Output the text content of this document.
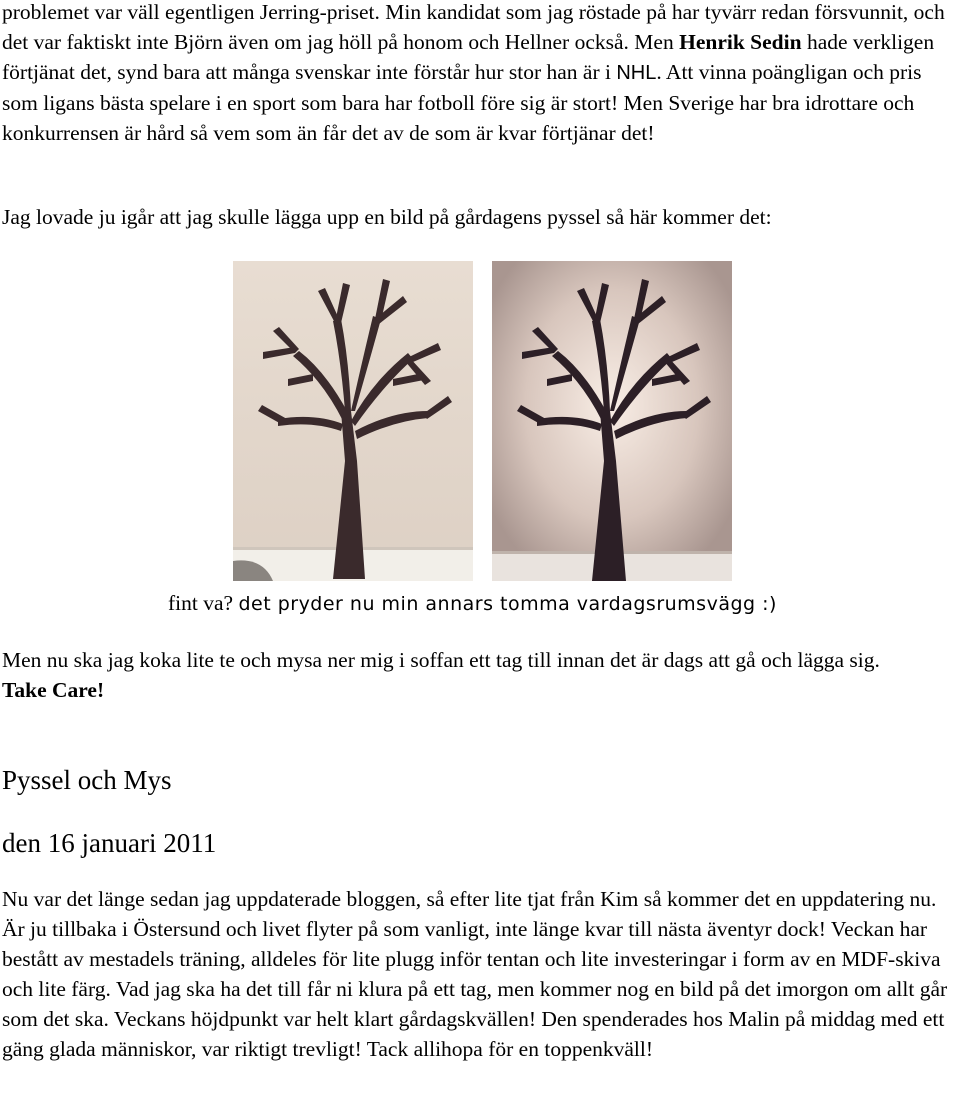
problemet var väll egentligen Jerring-priset. Min kandidat som jag röstade på har tyvärr redan försvunnit, och det var faktiskt inte Björn även om jag höll på honom och Hellner också. Men Henrik Sedin hade verkligen förtjänat det, synd bara att många svenskar inte förstår hur stor han är i NHL. Att vinna poängligan och pris som ligans bästa spelare i en sport som bara har fotboll före sig är stort! Men Sverige har bra idrottare och konkurrensen är hård så vem som än får det av de som är kvar förtjänar det!

Jag lovade ju igår att jag skulle lägga upp en bild på gårdagens pyssel så här kommer det:

fint va? det pryder nu min annars tomma vardagsrumsvägg :)

Men nu ska jag koka lite te och mysa ner mig i soffan ett tag till innan det är dags att gå och lägga sig.
Take Care!

Pyssel och Mys
den 16 januari 2011

Nu var det länge sedan jag uppdaterade bloggen, så efter lite tjat från Kim så kommer det en uppdatering nu. Är ju tillbaka i Östersund och livet flyter på som vanligt, inte länge kvar till nästa äventyr dock! Veckan har bestått av mestadels träning, alldeles för lite plugg inför tentan och lite investeringar i form av en MDF-skiva och lite färg. Vad jag ska ha det till får ni klura på ett tag, men kommer nog en bild på det imorgon om allt går som det ska. Veckans höjdpunkt var helt klart gårdagskvällen! Den spenderades hos Malin på middag med ett gäng glada människor, var riktigt trevligt! Tack allihopa för en toppenkväll!
